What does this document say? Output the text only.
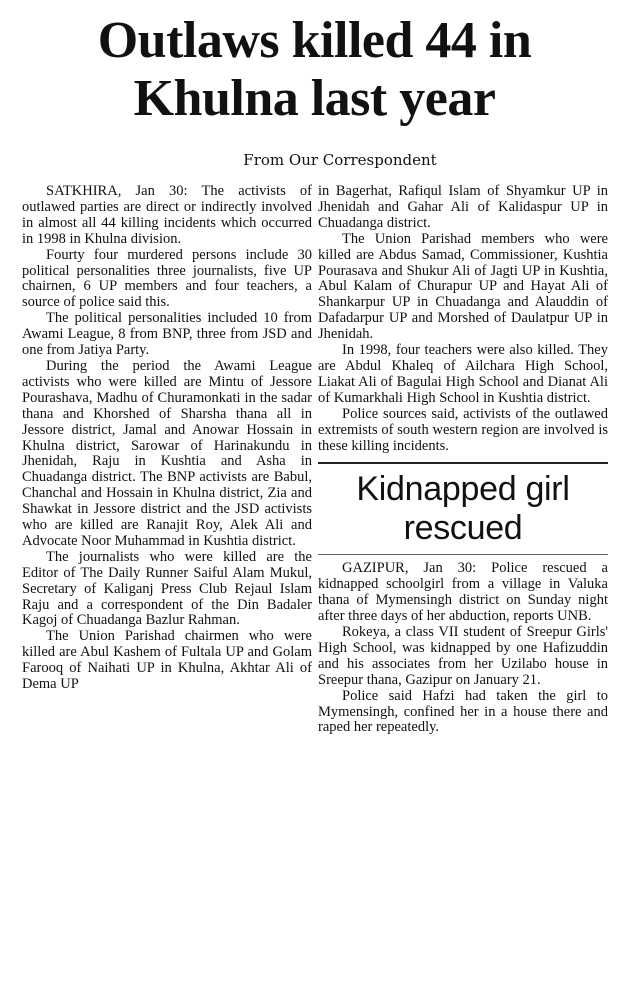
Outlaws killed 44 in
Khulna last year
From Our Correspondent

SATKHIRA, Jan 30: The activists of outlawed parties are direct or indirectly involved in almost all 44 killing incidents which occurred in 1998 in Khulna division.

Fourty four murdered persons include 30 political personalities three journalists, five UP chairnen, 6 UP members and four teachers, a source of police said this.

The political personalities included 10 from Awami League, 8 from BNP, three from JSD and one from Jatiya Party.

During the period the Awami League activists who were killed are Mintu of Jessore Pourashava, Madhu of Churamonkati in the sadar thana and Khorshed of Sharsha thana all in Jessore district, Jamal and Anowar Hossain in Khulna district, Sarowar of Harinakundu in Jhenidah, Raju in Kushtia and Asha in Chuadanga district. The BNP activists are Babul, Chanchal and Hossain in Khulna district, Zia and Shawkat in Jessore district and the JSD activists who are killed are Ranajit Roy, Alek Ali and Advocate Noor Muhammad in Kushtia district.

The journalists who were killed are the Editor of The Daily Runner Saiful Alam Mukul, Secretary of Kaliganj Press Club Rejaul Islam Raju and a correspondent of the Din Badaler Kagoj of Chuadanga Bazlur Rahman.

The Union Parishad chairmen who were killed are Abul Kashem of Fultala UP and Golam Farooq of Naihati UP in Khulna, Akhtar Ali of Dema UP

in Bagerhat, Rafiqul Islam of Shyamkur UP in Jhenidah and Gahar Ali of Kalidaspur UP in Chuadanga district.

The Union Parishad members who were killed are Abdus Samad, Commissioner, Kushtia Pourasava and Shukur Ali of Jagti UP in Kushtia, Abul Kalam of Churapur UP and Hayat Ali of Shankarpur UP in Chuadanga and Alauddin of Dafadarpur UP and Morshed of Daulatpur UP in Jhenidah.

In 1998, four teachers were also killed. They are Abdul Khaleq of Ailchara High School, Liakat Ali of Bagulai High School and Dianat Ali of Kumarkhali High School in Kushtia district.

Police sources said, activists of the outlawed extremists of south western region are involved is these killing incidents.

Kidnapped girl
rescued

GAZIPUR, Jan 30: Police rescued a kidnapped schoolgirl from a village in Valuka thana of Mymensingh district on Sunday night after three days of her abduction, reports UNB.

Rokeya, a class VII student of Sreepur Girls' High School, was kidnapped by one Hafizuddin and his associates from her Uzilabo house in Sreepur thana, Gazipur on January 21.

Police said Hafzi had taken the girl to Mymensingh, confined her in a house there and raped her repeatedly.
